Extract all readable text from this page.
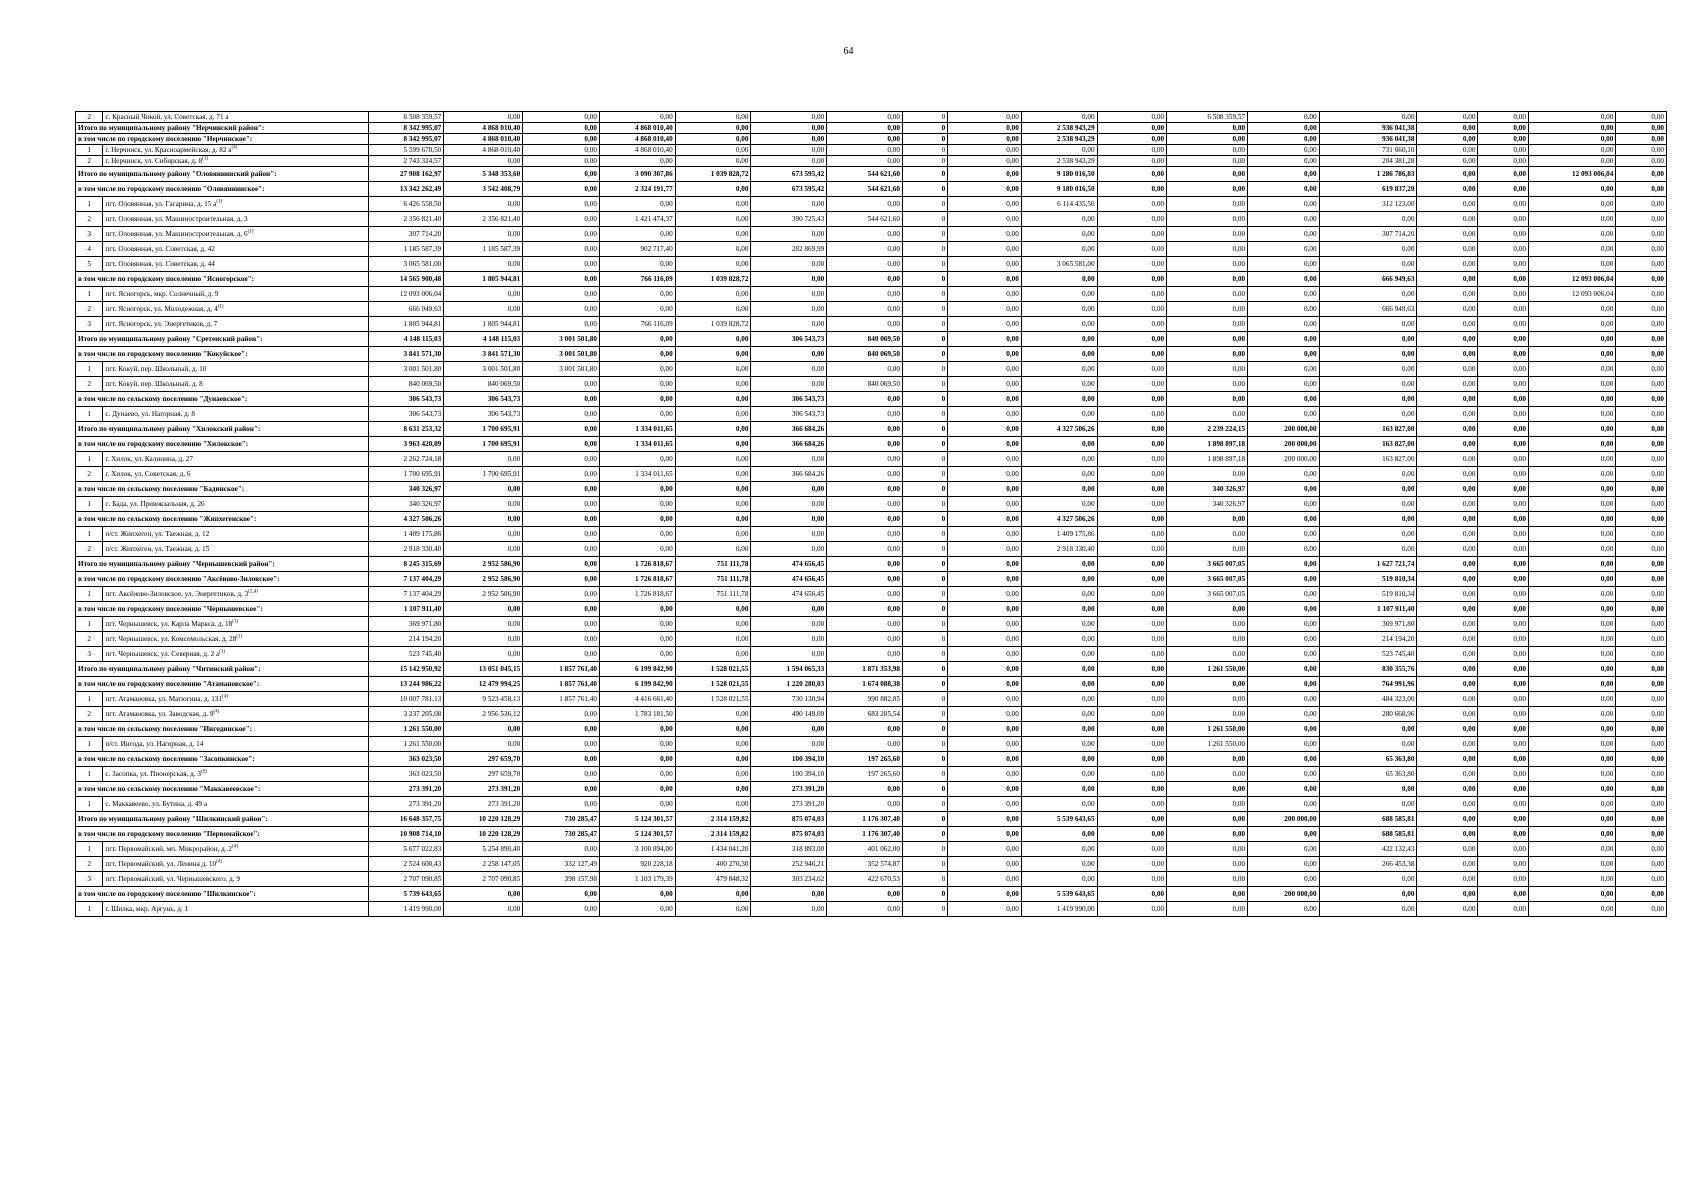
64
2	с. Красный Чикой, ул. Советская, д. 71 а	6 508 359,57	0,00	0,00	0,00	0,00	0,00	0,00	0	0,00	0,00	0,00	6 508 359,57	0,00	0,00	0,00	0,00	0,00	0,00
Итого по муниципальному району "Нерчинский район":		8 342 995,07	4 868 010,40	0,00	4 868 010,40	0,00	0,00	0,00	0	0,00	2 538 943,29	0,00	0,00	0,00	936 041,38	0,00	0,00	0,00	0,00
в том числе по городскому поселению "Нерчинское":		8 342 995,07	4 868 010,40	0,00	4 868 010,40	0,00	0,00	0,00	0	0,00	2 538 943,29	0,00	0,00	0,00	936 041,38	0,00	0,00	0,00	0,00
1	г. Нерчинск, ул. Красноармейская, д. 82 $а^{(4)}$	5 599 670,50	4 868 010,40	0,00	4 868 010,40	0,00	0,00	0,00	0	0,00	0,00	0,00	0,00	0,00	731 660,10	0,00	0,00	0,00	0,00
2	г. Нерчинск, ул. Сибирская, д. 8$^{(1)}$	2 743 324,57	0,00	0,00	0,00	0,00	0,00	0,00	0	0,00	2 538 943,29	0,00	0,00	0,00	204 381,28	0,00	0,00	0,00	0,00
Итого по муниципальному району "Оловяннинский район":		27 908 162,97	5 348 353,60	0,00	3 090 307,86	1 039 828,72	673 595,42	544 621,60	0	0,00	9 180 016,50	0,00	0,00	0,00	1 286 786,83	0,00	0,00	12 093 006,04	0,00
в том числе по городскому поселению "Оловяннинское":		13 342 262,49	3 542 408,79	0,00	2 324 191,77	0,00	673 595,42	544 621,60	0	0,00	9 180 016,50	0,00	0,00	0,00	619 837,20	0,00	0,00	0,00	0,00
1	пгт. Оловянная, ул. Гагарина, д. 15 $а^{(1)}$	6 426 558,50	0,00	0,00	0,00	0,00	0,00	0,00	0	0,00	6 114 435,50	0,00	0,00	0,00	312 123,00	0,00	0,00	0,00	0,00
2	пгт. Оловянная, ул. Машиностроительная, д. 3	2 356 821,40	2 356 821,40	0,00	1 421 474,37	0,00	390 725,43	544 621,60	0	0,00	0,00	0,00	0,00	0,00	0,00	0,00	0,00	0,00	0,00
3	пгт. Оловянная, ул. Машиностроительная, д. 6$^{(1)}$	307 714,20	0,00	0,00	0,00	0,00	0,00	0,00	0	0,00	0,00	0,00	0,00	0,00	307 714,20	0,00	0,00	0,00	0,00
4	пгт. Оловянная, ул. Советская, д. 42	1 185 587,39	1 185 587,39	0,00	902 717,40	0,00	282 869,99	0,00	0	0,00	0,00	0,00	0,00	0,00	0,00	0,00	0,00	0,00	0,00
5	пгт. Оловянная, ул. Советская, д. 44	3 065 581,00	0,00	0,00	0,00	0,00	0,00	0,00	0	0,00	3 065 581,00	0,00	0,00	0,00	0,00	0,00	0,00	0,00	0,00
в том числе по городскому поселению "Ясногорское":		14 565 900,48	1 805 944,81	0,00	766 116,09	1 039 828,72	0,00	0,00	0	0,00	0,00	0,00	0,00	0,00	666 949,63	0,00	0,00	12 093 006,04	0,00
1	пгт. Ясногорск, мкр. Солнечный, д. 9	12 093 006,04	0,00	0,00	0,00	0,00	0,00	0,00	0	0,00	0,00	0,00	0,00	0,00	0,00	0,00	0,00	12 093 006,04	0,00
2	пгт. Ясногорск, ул. Молодежная, д. 4$^{(1)}$	666 949,63	0,00	0,00	0,00	0,00	0,00	0,00	0	0,00	0,00	0,00	0,00	0,00	666 949,63	0,00	0,00	0,00	0,00
3	пгт. Ясногорск, ул. Энергетиков, д. 7	1 805 944,81	1 805 944,81	0,00	766 116,09	1 039 828,72	0,00	0,00	0	0,00	0,00	0,00	0,00	0,00	0,00	0,00	0,00	0,00	0,00
Итого по муниципальному району "Сретенский район":		4 148 115,03	4 148 115,03	3 001 501,80	0,00	0,00	306 543,73	840 069,50	0	0,00	0,00	0,00	0,00	0,00	0,00	0,00	0,00	0,00	0,00
в том числе по городскому поселению "Кокуйское":		3 841 571,30	3 841 571,30	3 001 501,80	0,00	0,00	0,00	840 069,50	0	0,00	0,00	0,00	0,00	0,00	0,00	0,00	0,00	0,00	0,00
1	пгт. Кокуй, пер. Школьный, д. 10	3 001 501,80	3 001 501,80	3 001 501,80	0,00	0,00	0,00	0,00	0	0,00	0,00	0,00	0,00	0,00	0,00	0,00	0,00	0,00	0,00
2	пгт. Кокуй, пер. Школьный, д. 8	840 069,50	840 069,50	0,00	0,00	0,00	0,00	840 069,50	0	0,00	0,00	0,00	0,00	0,00	0,00	0,00	0,00	0,00	0,00
в том числе по сельскому поселению "Дунаевское":		306 543,73	306 543,73	0,00	0,00	0,00	306 543,73	0,00	0	0,00	0,00	0,00	0,00	0,00	0,00	0,00	0,00	0,00	0,00
1	с. Дунаево, ул. Нагорная, д. 8	306 543,73	306 543,73	0,00	0,00	0,00	306 543,73	0,00	0	0,00	0,00	0,00	0,00	0,00	0,00	0,00	0,00	0,00	0,00
Итого по муниципальному району "Хилокский район":		8 631 253,32	1 700 695,91	0,00	1 334 011,65	0,00	366 684,26	0,00	0	0,00	4 327 506,26	0,00	2 239 224,15	200 000,00	163 827,00	0,00	0,00	0,00	0,00
в том числе по городскому поселению "Хилокское":		3 963 420,09	1 700 695,91	0,00	1 334 011,65	0,00	366 684,26	0,00	0	0,00	0,00	0,00	1 898 897,18	200 000,00	163 827,00	0,00	0,00	0,00	0,00
1	г. Хилок, ул. Калинина, д. 27	2 262 724,18	0,00	0,00	0,00	0,00	0,00	0,00	0	0,00	0,00	0,00	1 898 897,18	200 000,00	163 827,00	0,00	0,00	0,00	0,00
2	г. Хилок, ул. Советская, д. 6	1 700 695,91	1 700 695,91	0,00	1 334 011,65	0,00	366 684,26	0,00	0	0,00	0,00	0,00	0,00	0,00	0,00	0,00	0,00	0,00	0,00
в том числе по сельскому поселению "Бадинское":		340 326,97	0,00	0,00	0,00	0,00	0,00	0,00	0	0,00	0,00	0,00	340 326,97	0,00	0,00	0,00	0,00	0,00	0,00
1	с. Бада, ул. Привокзальная, д. 26	340 326,97	0,00	0,00	0,00	0,00	0,00	0,00	0	0,00	0,00	0,00	340 326,97	0,00	0,00	0,00	0,00	0,00	0,00
в том числе по сельскому поселению "Жипхегенское":		4 327 506,26	0,00	0,00	0,00	0,00	0,00	0,00	0	0,00	4 327 506,26	0,00	0,00	0,00	0,00	0,00	0,00	0,00	0,00
1	п/ст. Жипхеген, ул. Таежная, д. 12	1 409 175,86	0,00	0,00	0,00	0,00	0,00	0,00	0	0,00	1 409 175,86	0,00	0,00	0,00	0,00	0,00	0,00	0,00	0,00
2	п/ст. Жипхеген, ул. Таежная, д. 15	2 918 330,40	0,00	0,00	0,00	0,00	0,00	0,00	0	0,00	2 918 330,40	0,00	0,00	0,00	0,00	0,00	0,00	0,00	0,00
Итого по муниципальному району "Чернышевский район":		8 245 315,69	2 952 586,90	0,00	1 726 818,67	751 111,78	474 656,45	0,00	0	0,00	0,00	0,00	3 665 007,05	0,00	1 627 721,74	0,00	0,00	0,00	0,00
в том числе по городскому поселению "Аксёново-Зиловское":		7 137 404,29	2 952 586,90	0,00	1 726 818,67	751 111,78	474 656,45	0,00	0	0,00	0,00	0,00	3 665 007,05	0,00	519 810,34	0,00	0,00	0,00	0,00
1	пгт. Аксёново-Зиловское, ул. Энергетиков, д. 3$^{(2,4)}$	7 137 404,29	2 952 586,90	0,00	1 726 818,67	751 111,78	474 656,45	0,00	0	0,00	0,00	0,00	3 665 007,05	0,00	519 810,34	0,00	0,00	0,00	0,00
в том числе по городскому поселению "Чернышевское":		1 107 911,40	0,00	0,00	0,00	0,00	0,00	0,00	0	0,00	0,00	0,00	0,00	0,00	1 107 911,40	0,00	0,00	0,00	0,00
1	пгт. Чернышевск, ул. Карла Маркса, д. 18$^{(1)}$	369 971,80	0,00	0,00	0,00	0,00	0,00	0,00	0	0,00	0,00	0,00	0,00	0,00	369 971,80	0,00	0,00	0,00	0,00
2	пгт. Чернышевск, ул. Комсомольская, д. 28$^{(1)}$	214 194,20	0,00	0,00	0,00	0,00	0,00	0,00	0	0,00	0,00	0,00	0,00	0,00	214 194,20	0,00	0,00	0,00	0,00
3	пгт. Чернышевск, ул. Северная, д. 2 $а^{(1)}$	523 745,40	0,00	0,00	0,00	0,00	0,00	0,00	0	0,00	0,00	0,00	0,00	0,00	523 745,40	0,00	0,00	0,00	0,00
Итого по муниципальному району "Читинский район":		15 142 950,92	13 051 045,15	1 857 761,40	6 199 842,90	1 528 021,55	1 594 065,33	1 871 353,98	0	0,00	0,00	0,00	1 261 550,00	0,00	830 355,76	0,00	0,00	0,00	0,00
в том числе по городскому поселению "Атамановское":		13 244 986,22	12 479 994,25	1 857 761,40	6 199 842,90	1 528 021,55	1 220 280,03	1 674 088,38	0	0,00	0,00	0,00	0,00	0,00	764 991,96	0,00	0,00	0,00	0,00
1	пгт. Атамановка, ул. Матюгина, д. 131$^{(4)}$	10 007 781,13	9 523 458,13	1 857 761,40	4 416 661,40	1 528 021,55	730 130,94	990 882,85	0	0,00	0,00	0,00	0,00	0,00	484 323,00	0,00	0,00	0,00	0,00
2	пгт. Атамановка, ул. Заводская, д. 9$^{(4)}$	3 237 205,08	2 956 536,12	0,00	1 783 181,50	0,00	490 149,09	683 205,54	0	0,00	0,00	0,00	0,00	0,00	280 668,96	0,00	0,00	0,00	0,00
в том числе по сельскому поселению "Ингодинское":		1 261 550,00	0,00	0,00	0,00	0,00	0,00	0,00	0	0,00	0,00	0,00	1 261 550,00	0,00	0,00	0,00	0,00	0,00	0,00
1	п/ст. Ингода, ул. Нагорная, д. 14	1 261 550,00	0,00	0,00	0,00	0,00	0,00	0,00	0	0,00	0,00	0,00	1 261 550,00	0,00	0,00	0,00	0,00	0,00	0,00
в том числе по сельскому поселению "Засопкинское":		363 023,50	297 659,70	0,00	0,00	0,00	100 394,10	197 265,60	0	0,00	0,00	0,00	0,00	0,00	65 363,80	0,00	0,00	0,00	0,00
1	с. Засопка, ул. Пионерская, д. 3$^{(2)}$	363 023,50	297 659,70	0,00	0,00	0,00	100 394,10	197 265,60	0	0,00	0,00	0,00	0,00	0,00	65 363,80	0,00	0,00	0,00	0,00
в том числе по сельскому поселению "Маккавеевское":		273 391,20	273 391,20	0,00	0,00	0,00	273 391,20	0,00	0	0,00	0,00	0,00	0,00	0,00	0,00	0,00	0,00	0,00	0,00
1	с. Маккавеево, ул. Бутина, д. 49 а	273 391,20	273 391,20	0,00	0,00	0,00	273 391,20	0,00	0	0,00	0,00	0,00	0,00	0,00	0,00	0,00	0,00	0,00	0,00
Итого по муниципальному району "Шилкинский район":		16 648 357,75	10 220 128,29	730 285,47	5 124 301,57	2 314 159,82	875 074,03	1 176 307,40	0	0,00	5 539 643,65	0,00	0,00	200 000,00	688 585,81	0,00	0,00	0,00	0,00
в том числе по городскому поселению "Первомайское":		10 908 714,10	10 220 128,29	730 285,47	5 124 301,57	2 314 159,82	875 074,03	1 176 307,40	0	0,00	0,00	0,00	0,00	0,00	688 585,81	0,00	0,00	0,00	0,00
1	пгт. Первомайский, мп. Микрорайон, д. 2$^{(4)}$	5 677 022,83	5 254 890,40	0,00	3 100 894,00	1 434 041,20	318 893,00	401 062,00	0	0,00	0,00	0,00	0,00	0,00	422 132,43	0,00	0,00	0,00	0,00
2	пгт. Первомайский, ул. Ленина д. 10$^{(4)}$	2 524 600,43	2 258 147,05	332 127,49	920 228,18	400 270,30	252 946,21	352 574,87	0	0,00	0,00	0,00	0,00	0,00	266 453,38	0,00	0,00	0,00	0,00
3	пгт. Первомайский, ул. Чернышевского, д. 9	2 707 090,85	2 707 090,85	398 157,98	1 103 179,39	479 848,32	303 234,62	422 670,53	0	0,00	0,00	0,00	0,00	0,00	0,00	0,00	0,00	0,00	0,00
в том числе по городскому поселению "Шилкинское":		5 739 643,65	0,00	0,00	0,00	0,00	0,00	0,00	0	0,00	5 539 643,65	0,00	0,00	200 000,00	0,00	0,00	0,00	0,00	0,00
1	г. Шилка, мкр. Аргунь, д. 1	1 419 990,00	0,00	0,00	0,00	0,00	0,00	0,00	0	0,00	1 419 990,00	0,00	0,00	0,00	0,00	0,00	0,00	0,00	0,00
